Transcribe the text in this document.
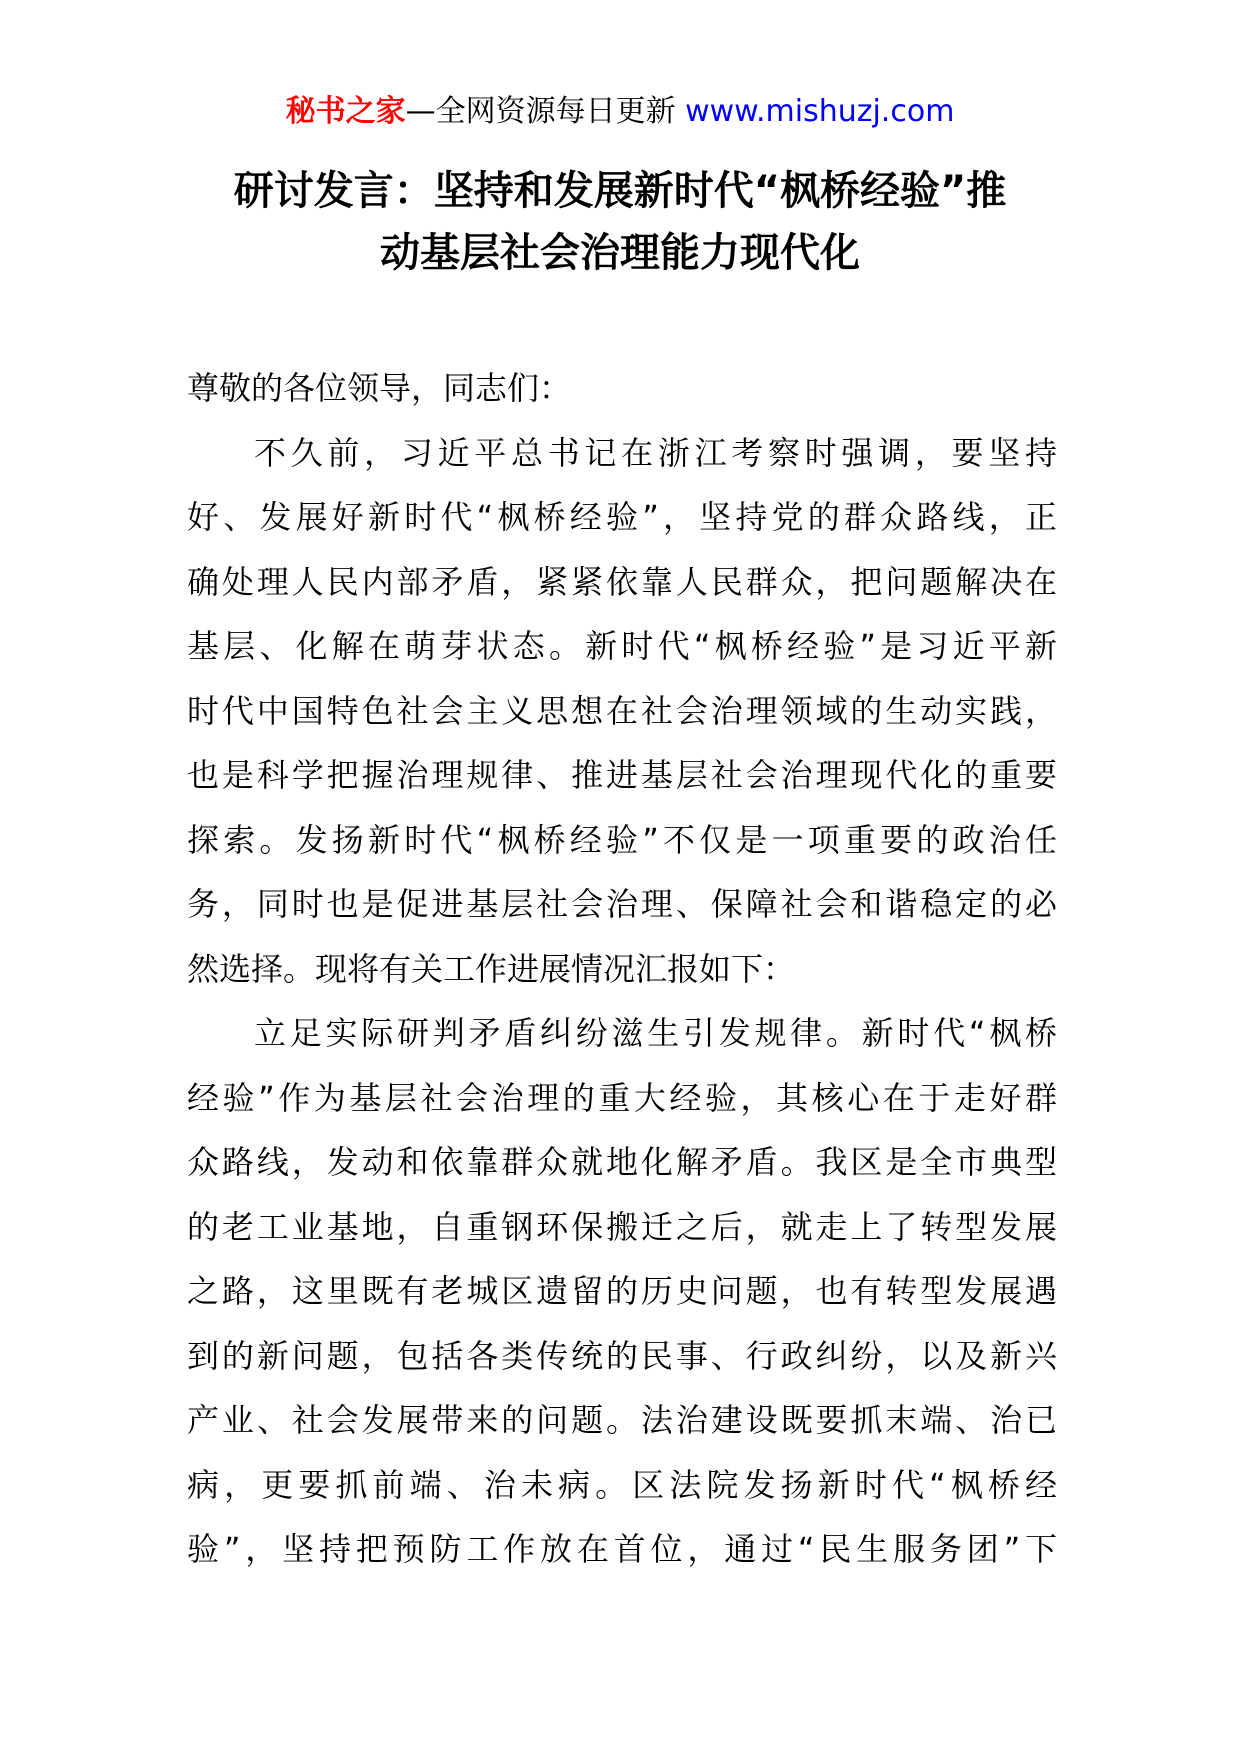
秘书之家—全网资源每日更新 www.mishuzj.com
研讨发言：坚持和发展新时代“枫桥经验”推
动基层社会治理能力现代化
尊敬的各位领导，同志们：
不久前，习近平总书记在浙江考察时强调，要坚持
好、发展好新时代“枫桥经验”，坚持党的群众路线，正
确处理人民内部矛盾，紧紧依靠人民群众，把问题解决在
基层、化解在萌芽状态。新时代“枫桥经验”是习近平新
时代中国特色社会主义思想在社会治理领域的生动实践，
也是科学把握治理规律、推进基层社会治理现代化的重要
探索。发扬新时代“枫桥经验”不仅是一项重要的政治任
务，同时也是促进基层社会治理、保障社会和谐稳定的必
然选择。现将有关工作进展情况汇报如下：
立足实际研判矛盾纠纷滋生引发规律。新时代“枫桥
经验”作为基层社会治理的重大经验，其核心在于走好群
众路线，发动和依靠群众就地化解矛盾。我区是全市典型
的老工业基地，自重钢环保搬迁之后，就走上了转型发展
之路，这里既有老城区遗留的历史问题，也有转型发展遇
到的新问题，包括各类传统的民事、行政纠纷，以及新兴
产业、社会发展带来的问题。法治建设既要抓末端、治已
病，更要抓前端、治未病。区法院发扬新时代“枫桥经
验”，坚持把预防工作放在首位，通过“民生服务团”下
